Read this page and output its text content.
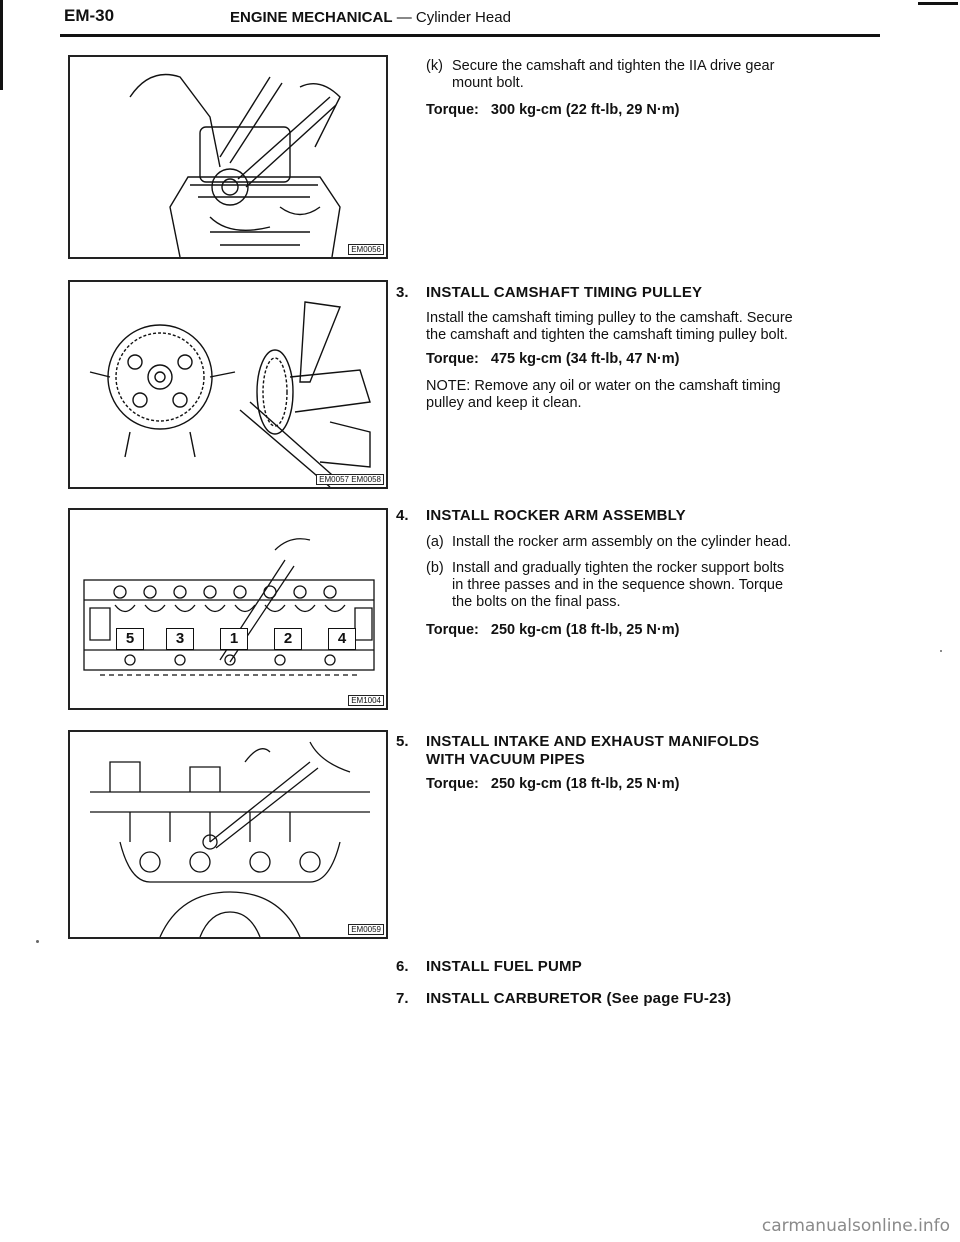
EM-30	ENGINE MECHANICAL — Cylinder Head
EM0056
EM0057 EM0058
5	3	1	2	4
EM1004
EM0059
(k) Secure the camshaft and tighten the IIA drive gear
mount bolt.
Torque: 300 kg-cm (22 ft-lb, 29 N·m)
3. INSTALL CAMSHAFT TIMING PULLEY
Install the camshaft timing pulley to the camshaft. Secure
the camshaft and tighten the camshaft timing pulley bolt.
Torque: 475 kg-cm (34 ft-lb, 47 N·m)
NOTE: Remove any oil or water on the camshaft timing
pulley and keep it clean.
4. INSTALL ROCKER ARM ASSEMBLY
(a) Install the rocker arm assembly on the cylinder head.
(b) Install and gradually tighten the rocker support bolts
in three passes and in the sequence shown. Torque
the bolts on the final pass.
Torque: 250 kg-cm (18 ft-lb, 25 N·m)
5. INSTALL INTAKE AND EXHAUST MANIFOLDS
WITH VACUUM PIPES
Torque: 250 kg-cm (18 ft-lb, 25 N·m)
6. INSTALL FUEL PUMP
7. INSTALL CARBURETOR (See page FU-23)
carmanualsonline.info
